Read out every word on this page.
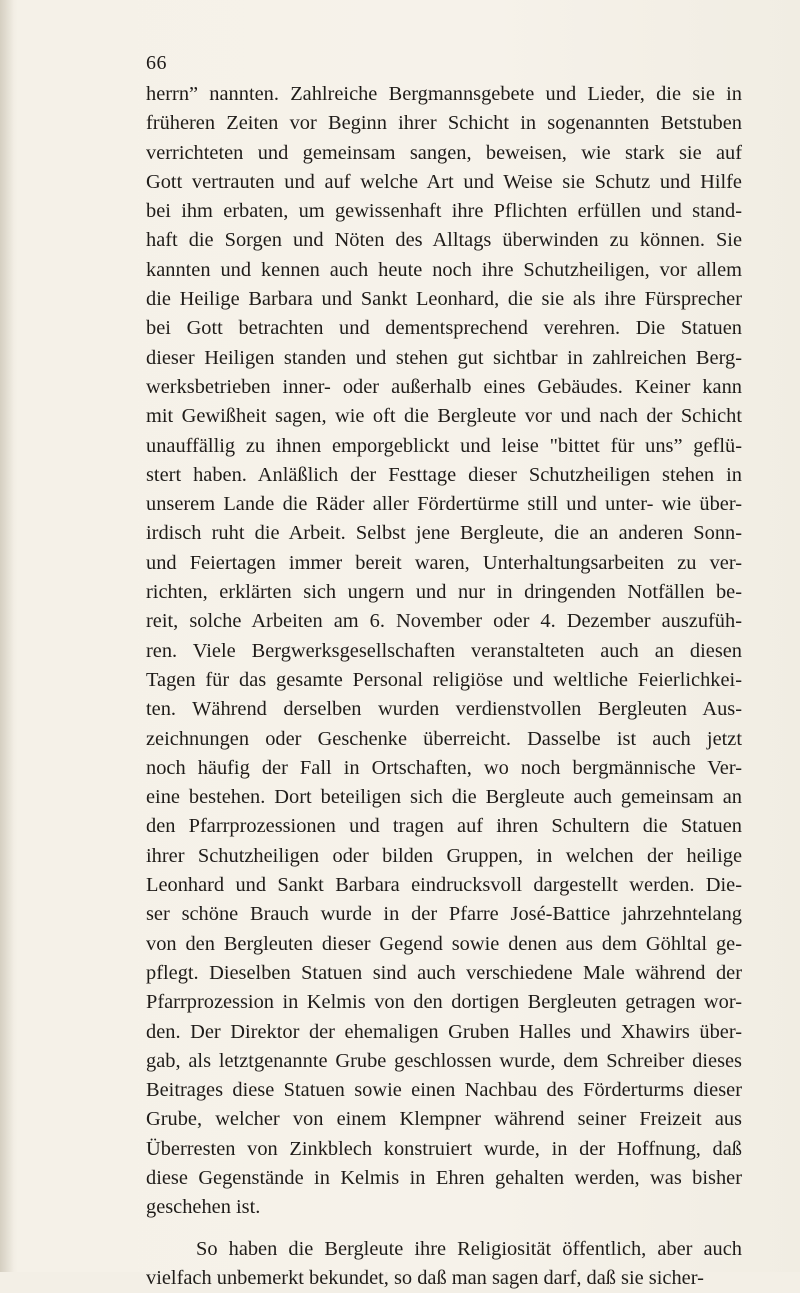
66
herrn” nannten. Zahlreiche Bergmannsgebete und Lieder, die sie in
früheren Zeiten vor Beginn ihrer Schicht in sogenannten Betstuben
verrichteten und gemeinsam sangen, beweisen, wie stark sie auf
Gott vertrauten und auf welche Art und Weise sie Schutz und Hilfe
bei ihm erbaten, um gewissenhaft ihre Pflichten erfüllen und stand-
haft die Sorgen und Nöten des Alltags überwinden zu können. Sie
kannten und kennen auch heute noch ihre Schutzheiligen, vor allem
die Heilige Barbara und Sankt Leonhard, die sie als ihre Fürsprecher
bei Gott betrachten und dementsprechend verehren. Die Statuen
dieser Heiligen standen und stehen gut sichtbar in zahlreichen Berg-
werksbetrieben inner- oder außerhalb eines Gebäudes. Keiner kann
mit Gewißheit sagen, wie oft die Bergleute vor und nach der Schicht
unauffällig zu ihnen emporgeblickt und leise "bittet für uns” geflü-
stert haben. Anläßlich der Festtage dieser Schutzheiligen stehen in
unserem Lande die Räder aller Fördertürme still und unter- wie über-
irdisch ruht die Arbeit. Selbst jene Bergleute, die an anderen Sonn-
und Feiertagen immer bereit waren, Unterhaltungsarbeiten zu ver-
richten, erklärten sich ungern und nur in dringenden Notfällen be-
reit, solche Arbeiten am 6. November oder 4. Dezember auszufüh-
ren. Viele Bergwerksgesellschaften veranstalteten auch an diesen
Tagen für das gesamte Personal religiöse und weltliche Feierlichkei-
ten. Während derselben wurden verdienstvollen Bergleuten Aus-
zeichnungen oder Geschenke überreicht. Dasselbe ist auch jetzt
noch häufig der Fall in Ortschaften, wo noch bergmännische Ver-
eine bestehen. Dort beteiligen sich die Bergleute auch gemeinsam an
den Pfarrprozessionen und tragen auf ihren Schultern die Statuen
ihrer Schutzheiligen oder bilden Gruppen, in welchen der heilige
Leonhard und Sankt Barbara eindrucksvoll dargestellt werden. Die-
ser schöne Brauch wurde in der Pfarre José-Battice jahrzehntelang
von den Bergleuten dieser Gegend sowie denen aus dem Göhltal ge-
pflegt. Dieselben Statuen sind auch verschiedene Male während der
Pfarrprozession in Kelmis von den dortigen Bergleuten getragen wor-
den. Der Direktor der ehemaligen Gruben Halles und Xhawirs über-
gab, als letztgenannte Grube geschlossen wurde, dem Schreiber dieses
Beitrages diese Statuen sowie einen Nachbau des Förderturms dieser
Grube, welcher von einem Klempner während seiner Freizeit aus
Überresten von Zinkblech konstruiert wurde, in der Hoffnung, daß
diese Gegenstände in Kelmis in Ehren gehalten werden, was bisher
geschehen ist.
So haben die Bergleute ihre Religiosität öffentlich, aber auch
vielfach unbemerkt bekundet, so daß man sagen darf, daß sie sicher-
